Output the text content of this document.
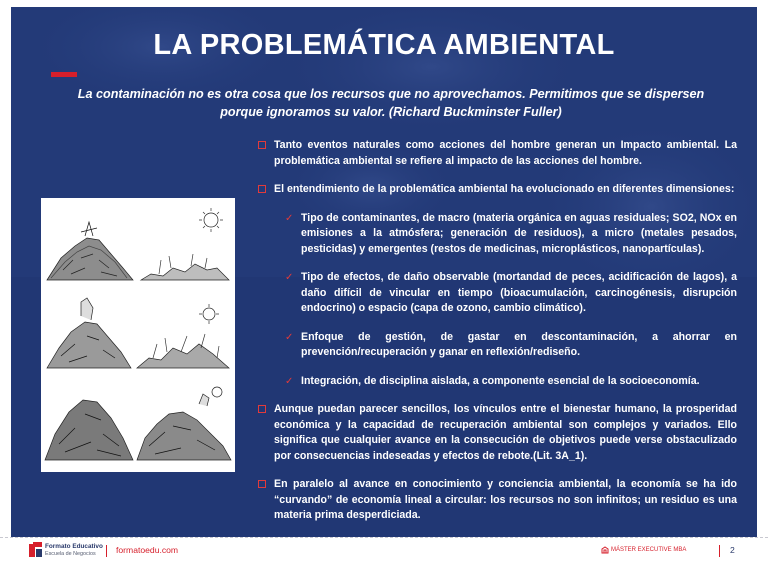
LA PROBLEMÁTICA AMBIENTAL

La contaminación no es otra cosa que los recursos que no aprovechamos. Permitimos que se dispersen porque ignoramos su valor. (Richard Buckminster Fuller)

Tanto eventos naturales como acciones del hombre generan un Impacto ambiental. La problemática ambiental se refiere al impacto de las acciones del hombre.

El entendimiento de la problemática ambiental ha evolucionado en diferentes dimensiones:

✓ Tipo de contaminantes, de macro (materia orgánica en aguas residuales; SO2, NOx en emisiones a la atmósfera; generación de residuos), a micro (metales pesados, pesticidas) y emergentes (restos de medicinas, microplásticos, nanopartículas).

✓ Tipo de efectos, de daño observable (mortandad de peces, acidificación de lagos), a daño difícil de vincular en tiempo (bioacumulación, carcinogénesis, disrupción endocrino) o espacio (capa de ozono, cambio climático).

✓ Enfoque de gestión, de gastar en descontaminación, a ahorrar en prevención/recuperación y ganar en reflexión/rediseño.

✓ Integración, de disciplina aislada, a componente esencial de la socioeconomía.

Aunque puedan parecer sencillos, los vínculos entre el bienestar humano, la prosperidad económica y la capacidad de recuperación ambiental son complejos y variados. Ello significa que cualquier avance en la consecución de objetivos puede verse obstaculizado por consecuencias indeseadas y efectos de rebote.(Lit. 3A_1).

En paralelo al avance en conocimiento y conciencia ambiental, la economía se ha ido “curvando” de economía lineal a circular: los recursos no son infinitos; un residuo es una materia prima desperdiciada.

Formato Educativo
Escuela de Negocios formatoedu.com	MÁSTER EXECUTIVE MBA	2
